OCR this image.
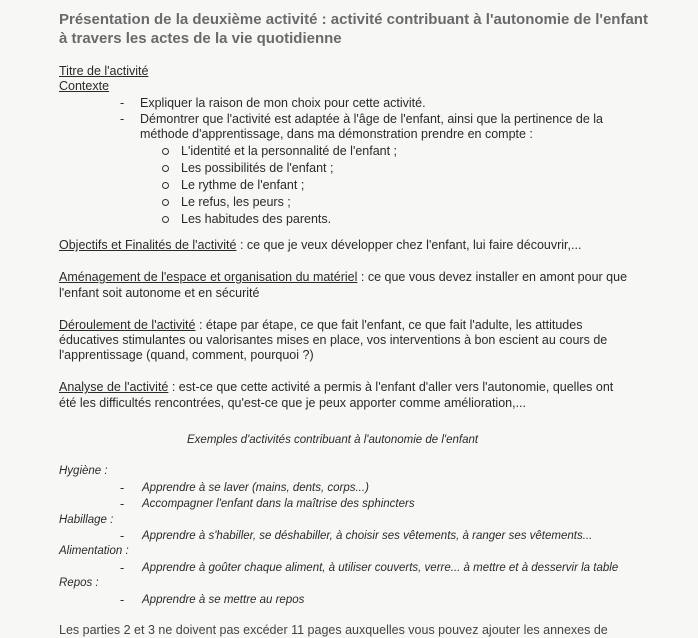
Présentation de la deuxième activité : activité contribuant à l'autonomie de l'enfant
à travers les actes de la vie quotidienne
Titre de l'activité
Contexte
- Expliquer la raison de mon choix pour cette activité.
- Démontrer que l'activité est adaptée à l'âge de l'enfant, ainsi que la pertinence de la
méthode d'apprentissage, dans ma démonstration prendre en compte :
L'identité et la personnalité de l'enfant ;
Les possibilités de l'enfant ;
Le rythme de l'enfant ;
Le refus, les peurs ;
Les habitudes des parents.
Objectifs et Finalités de l'activité : ce que je veux développer chez l'enfant, lui faire découvrir,...
Aménagement de l'espace et organisation du matériel : ce que vous devez installer en amont pour que
l'enfant soit autonome et en sécurité
Déroulement de l'activité : étape par étape, ce que fait l'enfant, ce que fait l'adulte, les attitudes
éducatives stimulantes ou valorisantes mises en place, vos interventions à bon escient au cours de
l'apprentissage (quand, comment, pourquoi ?)
Analyse de l'activité : est-ce que cette activité a permis à l'enfant d'aller vers l'autonomie, quelles ont
été les difficultés rencontrées, qu'est-ce que je peux apporter comme amélioration,...
Exemples d'activités contribuant à l'autonomie de l'enfant
Hygiène :
- Apprendre à se laver (mains, dents, corps...)
- Accompagner l'enfant dans la maîtrise des sphincters
Habillage :
- Apprendre à s'habiller, se déshabiller, à choisir ses vêtements, à ranger ses vêtements...
Alimentation :
- Apprendre à goûter chaque aliment, à utiliser couverts, verre... à mettre et à desservir la table
Repos :
- Apprendre à se mettre au repos
Les parties 2 et 3 ne doivent pas excéder 11 pages auxquelles vous pouvez ajouter les annexes de
